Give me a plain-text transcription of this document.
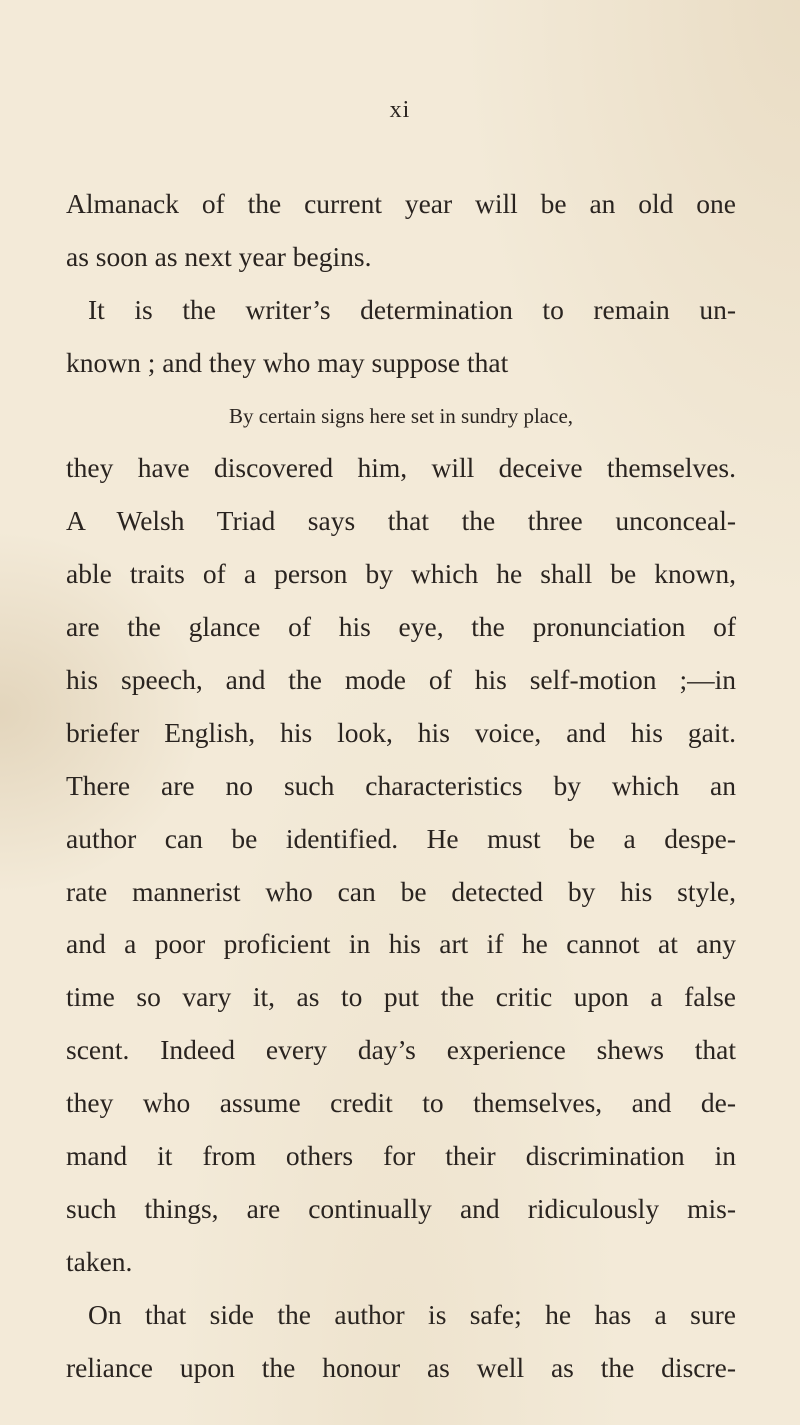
xi
Almanack of the current year will be an old one
as soon as next year begins.
It is the writer’s determination to remain un-
known ; and they who may suppose that
By certain signs here set in sundry place,
they have discovered him, will deceive themselves.
A Welsh Triad says that the three unconceal-
able traits of a person by which he shall be known,
are the glance of his eye, the pronunciation of
his speech, and the mode of his self-motion ;—in
briefer English, his look, his voice, and his gait.
There are no such characteristics by which an
author can be identified. He must be a despe-
rate mannerist who can be detected by his style,
and a poor proficient in his art if he cannot at any
time so vary it, as to put the critic upon a false
scent. Indeed every day’s experience shews that
they who assume credit to themselves, and de-
mand it from others for their discrimination in
such things, are continually and ridiculously mis-
taken.
On that side the author is safe; he has a sure
reliance upon the honour as well as the discre-
